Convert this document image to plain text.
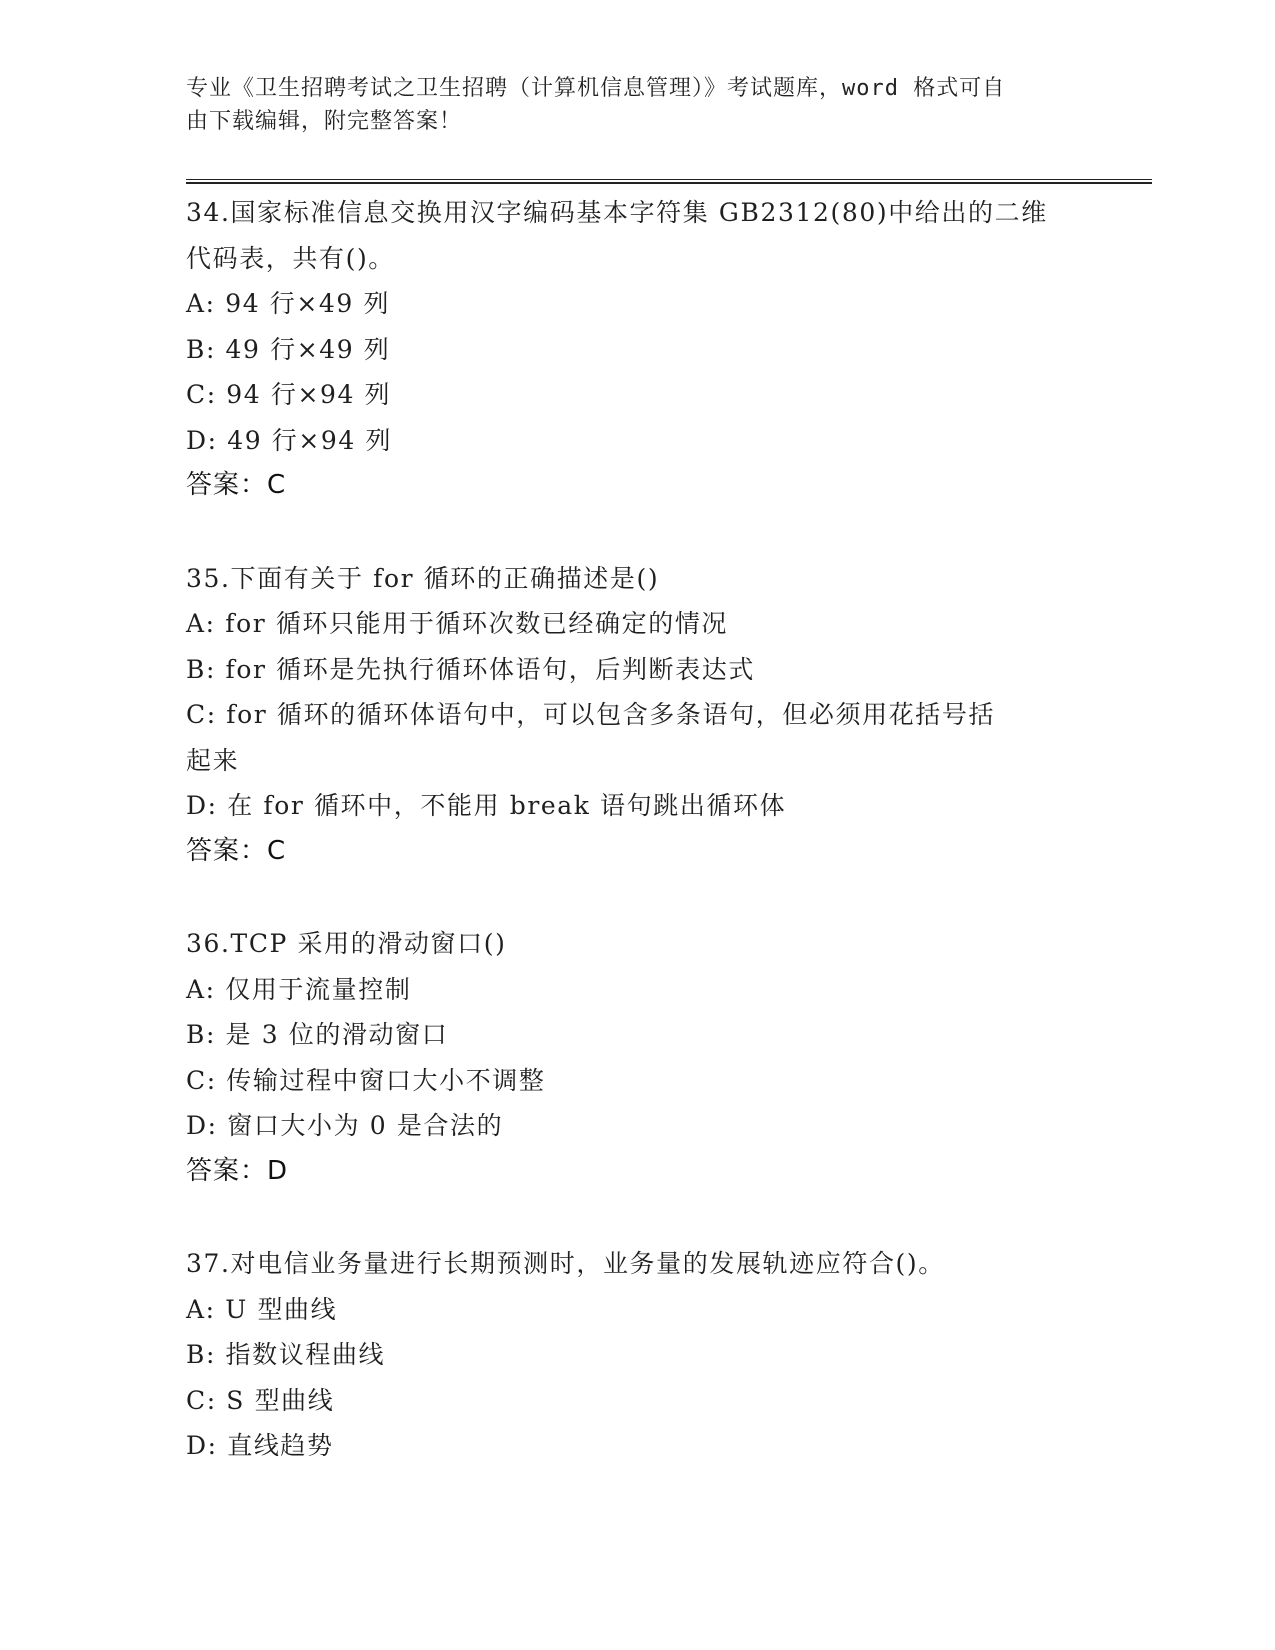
专业《卫生招聘考试之卫生招聘（计算机信息管理）》考试题库，word 格式可自
由下载编辑，附完整答案！
34.国家标准信息交换用汉字编码基本字符集 GB2312(80)中给出的二维
代码表，共有()。
A: 94 行×49 列
B: 49 行×49 列
C: 94 行×94 列
D: 49 行×94 列
答案：C
35.下面有关于 for 循环的正确描述是()
A: for 循环只能用于循环次数已经确定的情况
B: for 循环是先执行循环体语句，后判断表达式
C: for 循环的循环体语句中，可以包含多条语句，但必须用花括号括
起来
D: 在 for 循环中，不能用 break 语句跳出循环体
答案：C
36.TCP 采用的滑动窗口()
A: 仅用于流量控制
B: 是 3 位的滑动窗口
C: 传输过程中窗口大小不调整
D: 窗口大小为 0 是合法的
答案：D
37.对电信业务量进行长期预测时，业务量的发展轨迹应符合()。
A: U 型曲线
B: 指数议程曲线
C: S 型曲线
D: 直线趋势
